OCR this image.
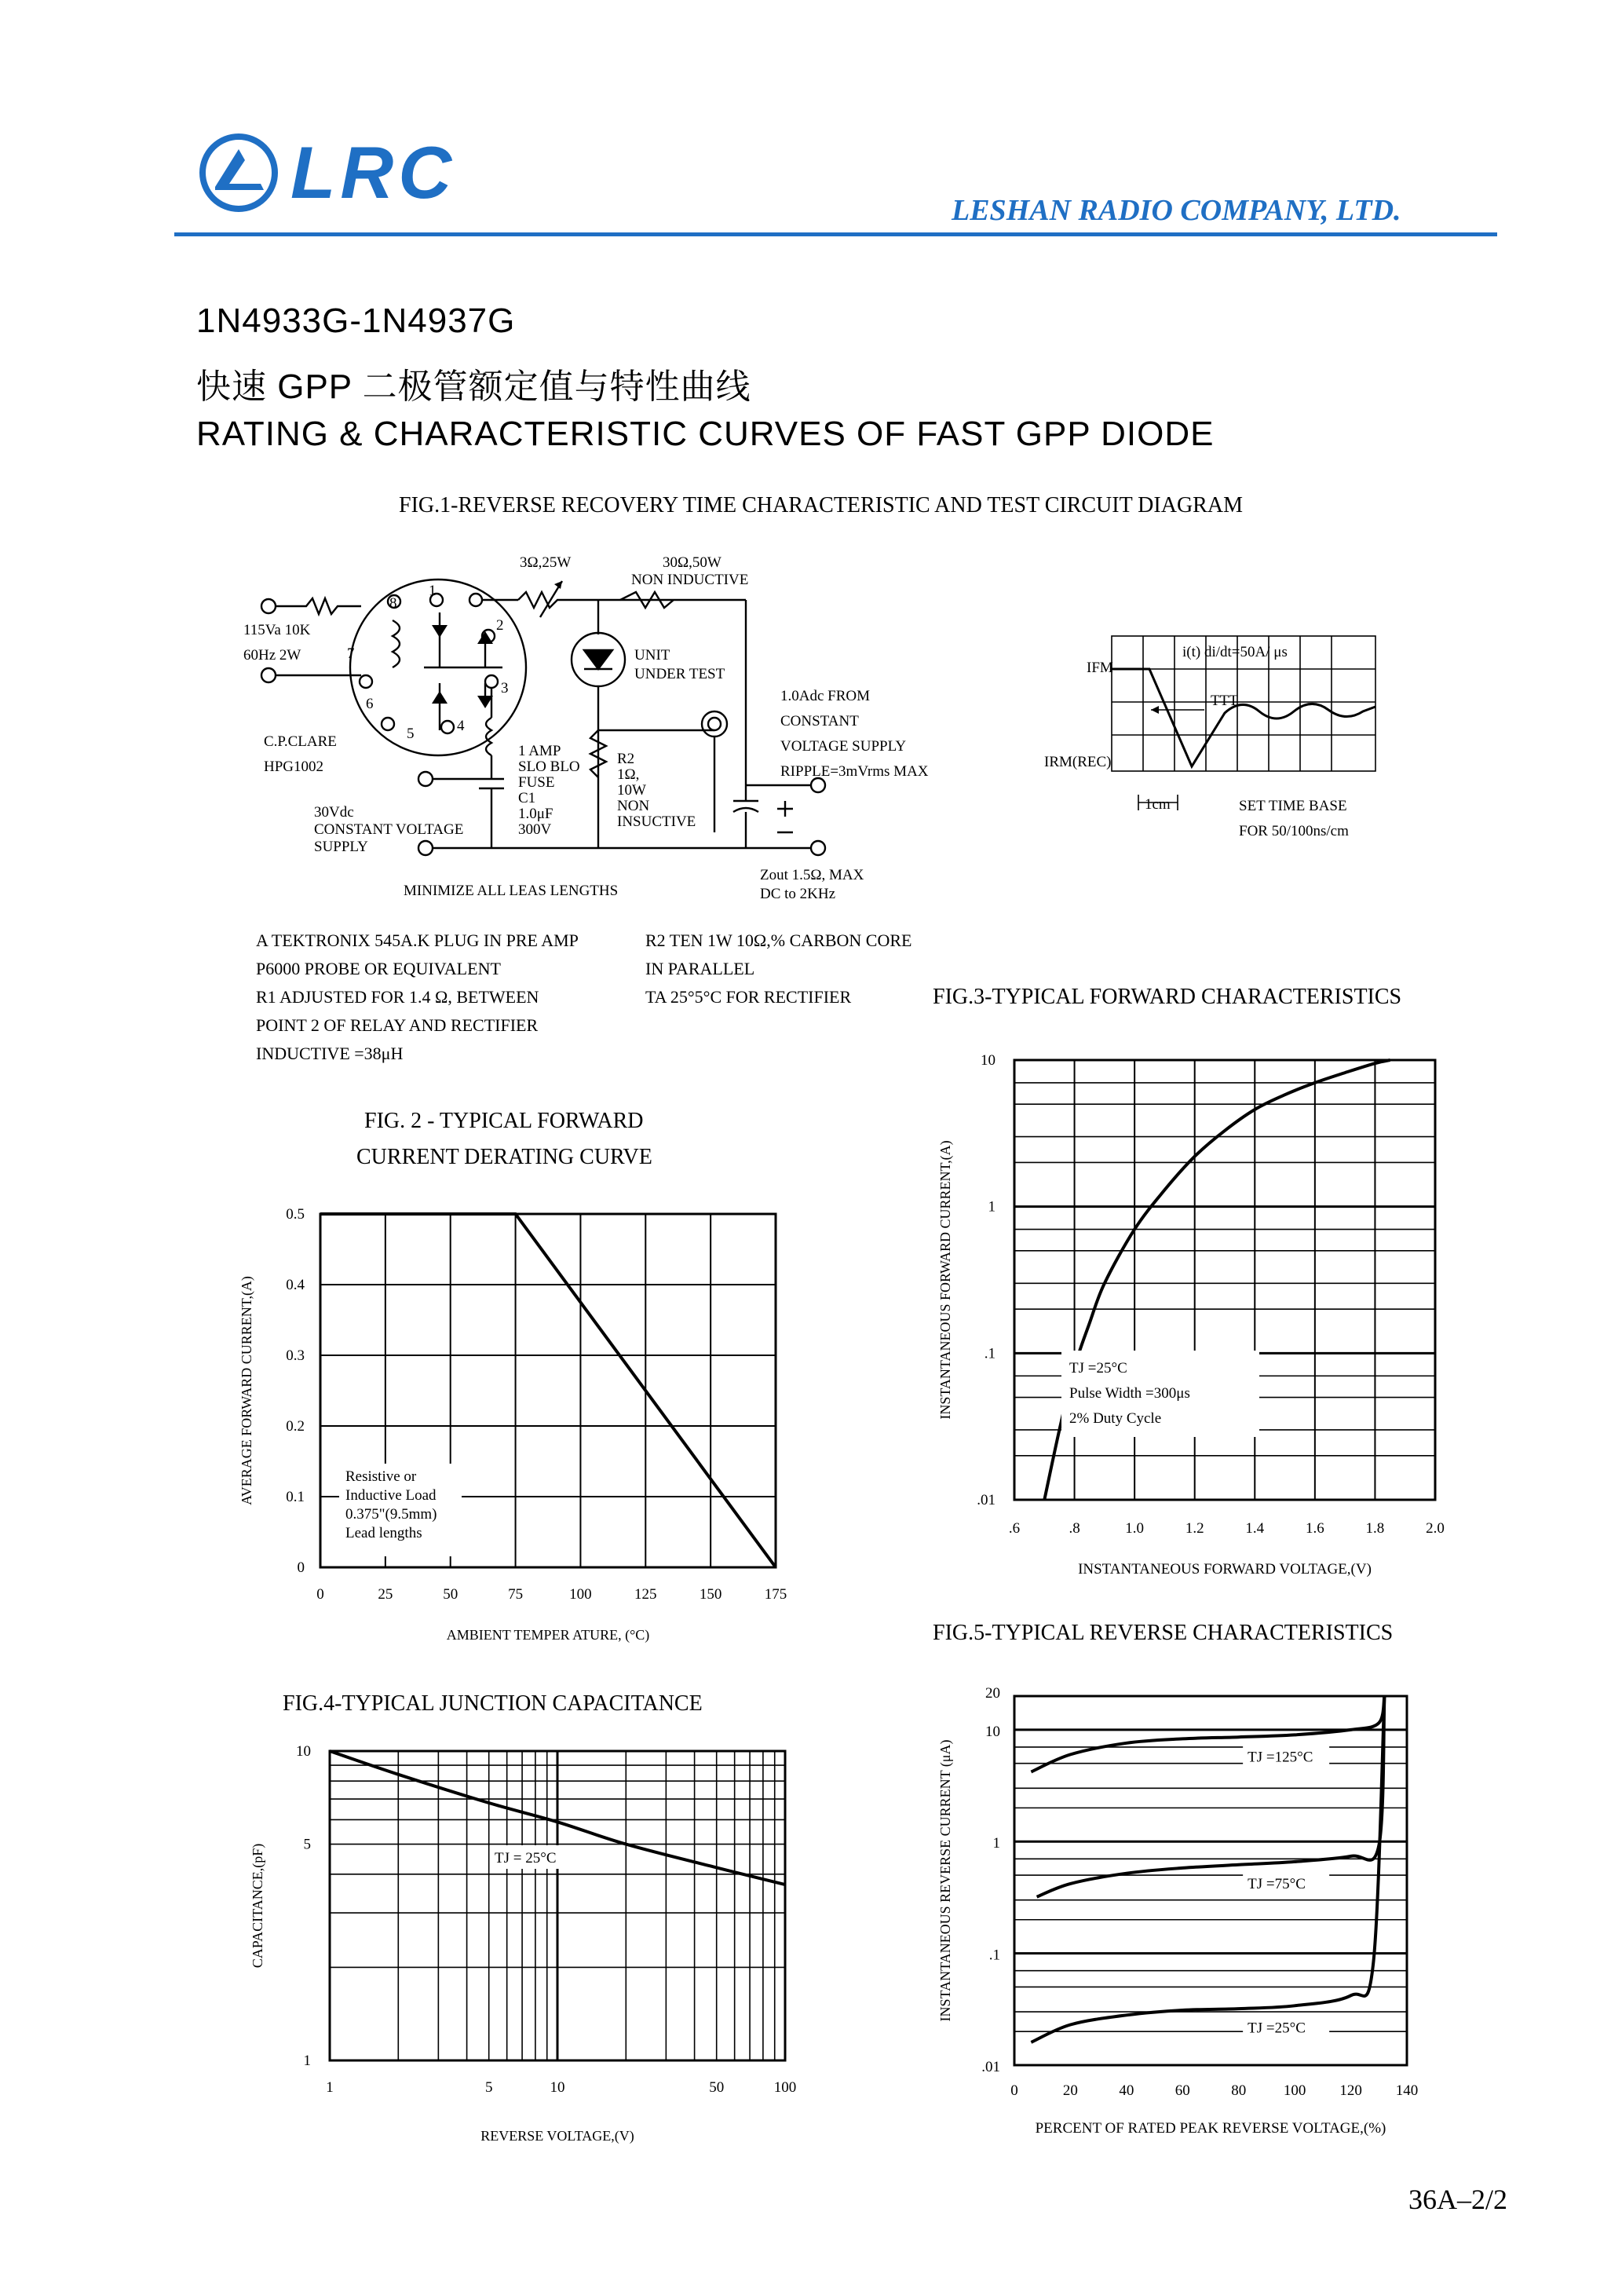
LRC	LESHAN RADIO COMPANY, LTD.
1N4933G-1N4937G
快速 GPP 二极管额定值与特性曲线
RATING & CHARACTERISTIC CURVES OF FAST GPP DIODE
FIG.1-REVERSE RECOVERY TIME CHARACTERISTIC AND TEST CIRCUIT DIAGRAM
3Ω,25W	30Ω,50W
NON INDUCTIVE
115Va 10K
60Hz 2W	UNIT
UNDER TEST
1.0Adc FROM
CONSTANT
VOLTAGE SUPPLY
RIPPLE=3mVrms MAX
C.P.CLARE
HPG1002
1 AMP
SLO BLO
FUSE
C1
1.0μF
300V
R2
1Ω,
10W
NON
INSUCTIVE
30Vdc
CONSTANT VOLTAGE
SUPPLY
MINIMIZE ALL LEAS LENGTHS
Zout 1.5Ω, MAX
DC to 2KHz
1
2
3
4
5
6
7
8
i(t) di/dt=50A/ μs
IFM
TTT
IRM(REC)
1cm	SET TIME BASE
FOR 50/100ns/cm
A TEKTRONIX 545A.K PLUG IN PRE AMP
P6000 PROBE OR EQUIVALENT
R1 ADJUSTED FOR 1.4 Ω, BETWEEN
POINT 2 OF RELAY AND RECTIFIER
INDUCTIVE =38μH
R2 TEN 1W 10Ω,% CARBON CORE
IN PARALLEL
TA 25°5°C FOR RECTIFIER
FIG. 2 - TYPICAL FORWARD
CURRENT DERATING CURVE
0	25	50	75	100	125	150	175
0
0.1
0.2
0.3
0.4
0.5
AMBIENT TEMPER ATURE, (°C)
AVERAGE FORWARD CURRENT,(A)	Resistive or
Inductive Load
0.375"(9.5mm)
Lead lengths
FIG.3-TYPICAL FORWARD CHARACTERISTICS
.6	.8	1.0	1.2	1.4	1.6	1.8	2.0
.01
.1
1
10
INSTANTANEOUS FORWARD VOLTAGE,(V)
INSTANTANEOUS FORWARD CURRENT,(A)	TJ =25°C
Pulse Width =300μs
2% Duty Cycle
FIG.4-TYPICAL JUNCTION CAPACITANCE
1	5	10	50	100
1
5
10
REVERSE VOLTAGE,(V)
CAPACITANCE,(pF)	TJ = 25°C
FIG.5-TYPICAL REVERSE CHARACTERISTICS
TJ =125°C
TJ =75°C
TJ =25°C
0	20	40	60	80	100 120 140
.01
.1
1
10
20
PERCENT OF RATED PEAK REVERSE VOLTAGE,(%)
INSTANTANEOUS REVERSE CURRENT (μA)
36A–2/2
